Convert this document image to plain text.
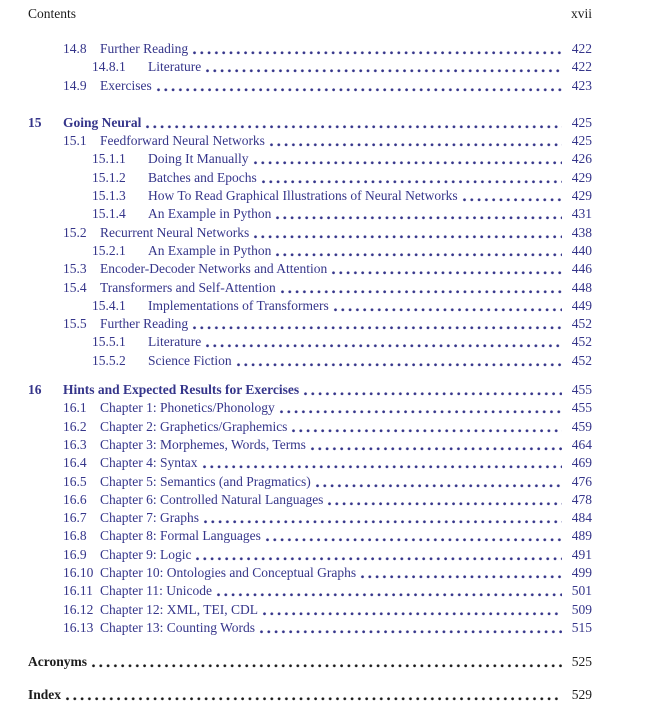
Contents	xvii
14.8 Further Reading	422
14.8.1	Literature	422
14.9 Exercises	423
15	Going Neural	425
15.1 Feedforward Neural Networks	425
15.1.1	Doing It Manually	426
15.1.2	Batches and Epochs	429
15.1.3	How To Read Graphical Illustrations of Neural Networks	429
15.1.4	An Example in Python	431
15.2 Recurrent Neural Networks	438
15.2.1	An Example in Python	440
15.3 Encoder-Decoder Networks and Attention	446
15.4 Transformers and Self-Attention	448
15.4.1	Implementations of Transformers	449
15.5 Further Reading	452
15.5.1	Literature	452
15.5.2	Science Fiction	452
16	Hints and Expected Results for Exercises	455
16.1 Chapter 1: Phonetics/Phonology	455
16.2 Chapter 2: Graphetics/Graphemics	459
16.3 Chapter 3: Morphemes, Words, Terms	464
16.4 Chapter 4: Syntax	469
16.5 Chapter 5: Semantics (and Pragmatics)	476
16.6 Chapter 6: Controlled Natural Languages	478
16.7 Chapter 7: Graphs	484
16.8 Chapter 8: Formal Languages	489
16.9 Chapter 9: Logic	491
16.10 Chapter 10: Ontologies and Conceptual Graphs	499
16.11 Chapter 11: Unicode	501
16.12 Chapter 12: XML, TEI, CDL	509
16.13 Chapter 13: Counting Words	515
Acronyms	525
Index	529
